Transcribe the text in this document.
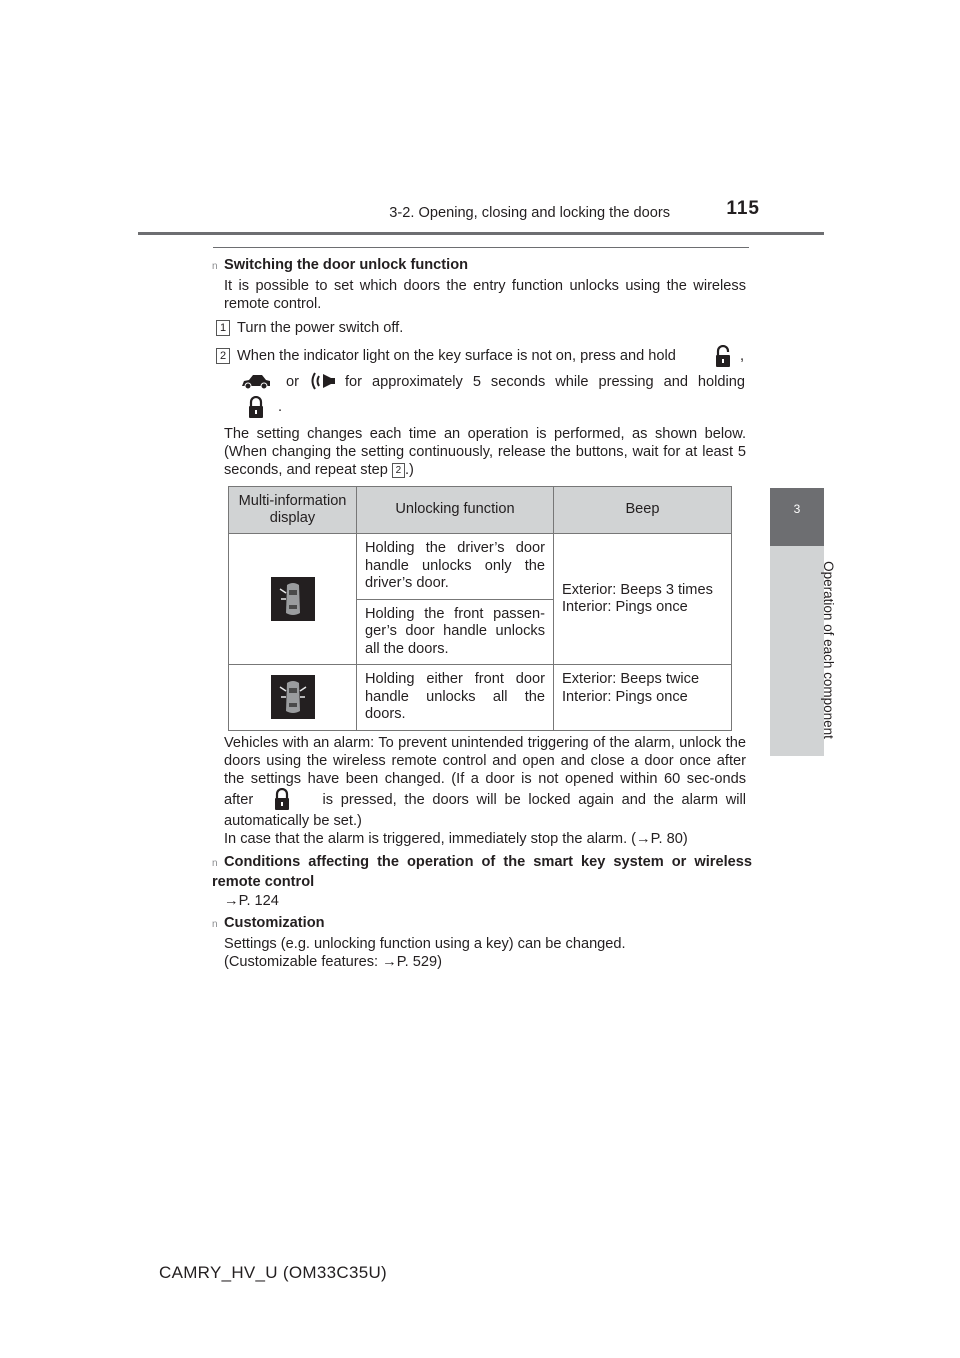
3-2. Opening, closing and locking the doors	115
3
Operation of each component
n Switching the door unlock function
It is possible to set which doors the entry function unlocks using the wireless remote control.
1 Turn the power switch off.
2 When the indicator light on the key surface is not on, press and hold	,
or	for approximately 5 seconds while pressing and holding
.
The setting changes each time an operation is performed, as shown below. (When changing the setting continuously, release the buttons, wait for at least 5 seconds, and repeat step 2 .)
Multi-information display	Unlocking function	Beep
	Holding the driver’s door handle unlocks only the driver’s door.	Exterior: Beeps 3 times
Interior: Pings once

	Holding the front passen-ger’s door handle unlocks all the doors.	
	Holding either front door handle unlocks all the doors.	Exterior: Beeps twice
Interior: Pings once
Vehicles with an alarm: To prevent unintended triggering of the alarm, unlock the doors using the wireless remote control and open and close a door once after the settings have been changed. (If a door is not opened within 60 sec-onds after	is pressed, the doors will be locked again and the alarm will automatically be set.)
In case that the alarm is triggered, immediately stop the alarm. (→P. 80)
n Conditions affecting the operation of the smart key system or wireless remote control
→P. 124
n Customization
Settings (e.g. unlocking function using a key) can be changed.
(Customizable features: →P. 529)
CAMRY_HV_U (OM33C35U)
